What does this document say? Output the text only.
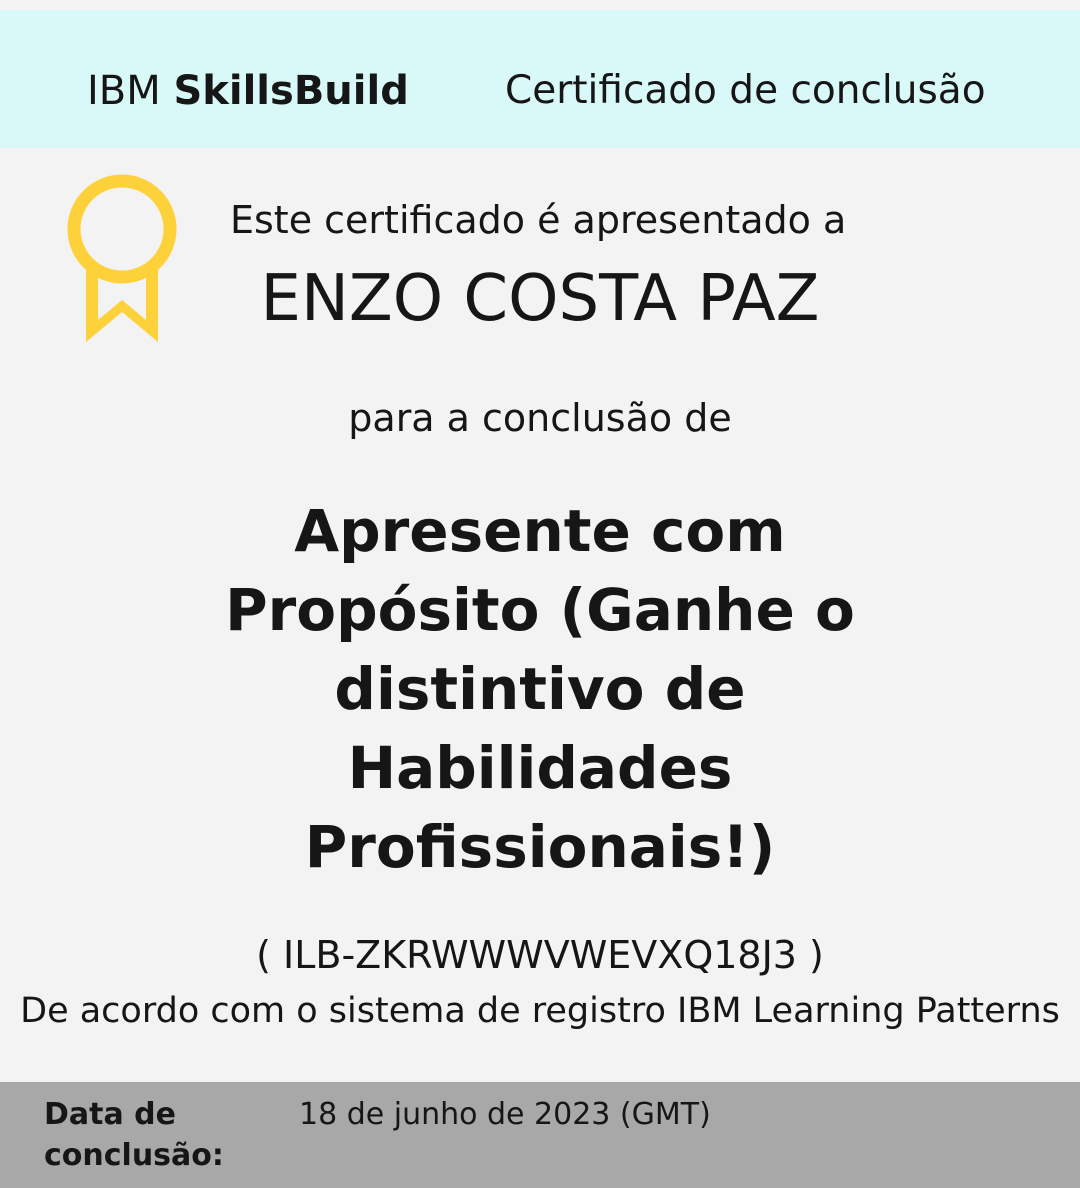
IBM SkillsBuild Certificado de conclusão
Este certificado é apresentado a
ENZO COSTA PAZ
para a conclusão de
Apresente com Propósito (Ganhe o distintivo de Habilidades Profissionais!)
( ILB-ZKRWWWVWEVXQ18J3 )
De acordo com o sistema de registro IBM Learning Patterns
Data de conclusão:
18 de junho de 2023 (GMT)
